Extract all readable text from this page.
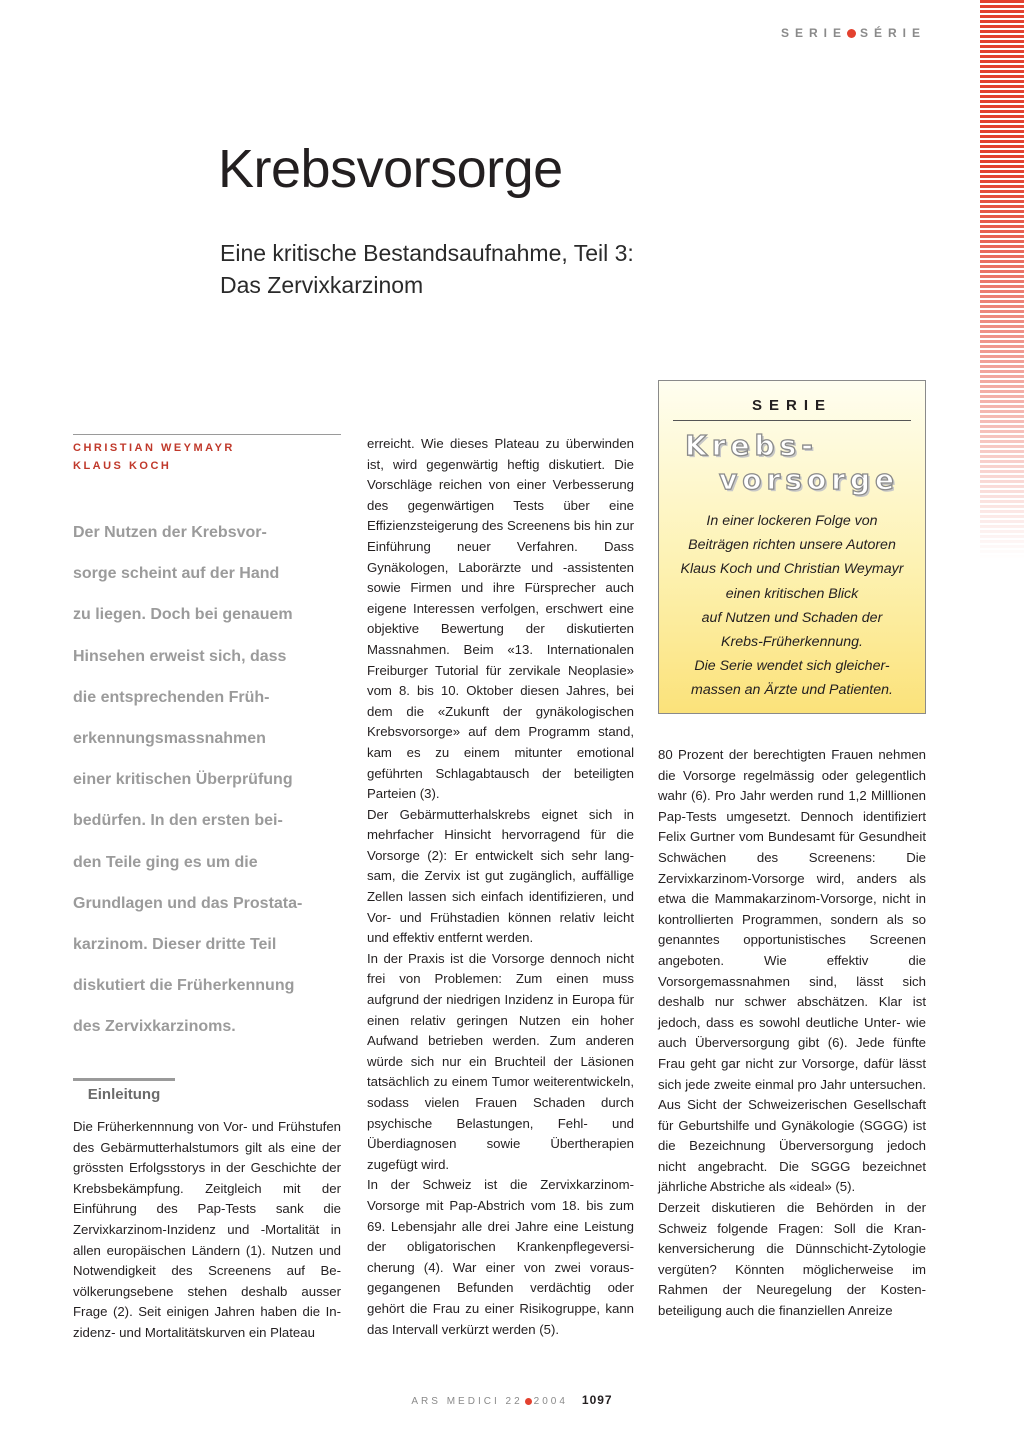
SERIE SÉRIE
Krebsvorsorge
Eine kritische Bestandsaufnahme, Teil 3:
Das Zervixkarzinom
CHRISTIAN WEYMAYR
KLAUS KOCH
Der Nutzen der Krebsvor-
sorge scheint auf der Hand
zu liegen. Doch bei genauem
Hinsehen erweist sich, dass
die entsprechenden Früh-
erkennungsmassnahmen
einer kritischen Überprüfung
bedürfen. In den ersten bei-
den Teile ging es um die
Grundlagen und das Prostata-
karzinom. Dieser dritte Teil
diskutiert die Früherkennung
des Zervixkarzinoms.
Einleitung

Die Früherkennnung von Vor- und Frühstufen des Gebärmutterhalstumors gilt als eine der grössten Erfolgsstorys in der Geschichte der Krebsbekämpfung. Zeitgleich mit der Einführung des Pap-Tests sank die Zervixkarzinom-Inzidenz und -Mortalität in allen europäischen Ländern (1). Nutzen und Notwendigkeit des Screenens auf Bevölkerungsebene stehen deshalb ausser Frage (2). Seit einigen Jahren haben die Inzidenz- und Mortalitätskurven ein Plateau

erreicht. Wie dieses Plateau zu überwinden ist, wird gegenwärtig heftig diskutiert. Die Vorschläge reichen von einer Verbesserung des gegenwärtigen Tests über eine Effizienzsteigerung des Screenens bis hin zur Einführung neuer Verfahren. Dass Gynäkologen, Laborärzte und -assistenten sowie Firmen und ihre Fürsprecher auch eigene Interessen verfolgen, erschwert eine objektive Bewertung der diskutierten Massnahmen. Beim «13. Internationalen Freiburger Tutorial für zervikale Neoplasie» vom 8. bis 10. Oktober diesen Jahres, bei dem die «Zukunft der gynäkologischen Krebsvorsorge» auf dem Programm stand, kam es zu einem mitunter emotional geführten Schlagabtausch der beteiligten Parteien (3).

Der Gebärmutterhalskrebs eignet sich in mehrfacher Hinsicht hervorragend für die Vorsorge (2): Er entwickelt sich sehr langsam, die Zervix ist gut zugänglich, auffällige Zellen lassen sich einfach identifizieren, und Vor- und Frühstadien können relativ leicht und effektiv entfernt werden.

In der Praxis ist die Vorsorge dennoch nicht frei von Problemen: Zum einen muss aufgrund der niedrigen Inzidenz in Europa für einen relativ geringen Nutzen ein hoher Aufwand betrieben werden. Zum anderen würde sich nur ein Bruchteil der Läsionen tatsächlich zu einem Tumor weiterentwickeln, sodass vielen Frauen Schaden durch psychische Belastungen, Fehl- und Überdiagnosen sowie Übertherapien zugefügt wird.

In der Schweiz ist die Zervixkarzinom-Vorsorge mit Pap-Abstrich vom 18. bis zum 69. Lebensjahr alle drei Jahre eine Leistung der obligatorischen Krankenpflegeversicherung (4). War einer von zwei vorausgegangenen Befunden verdächtig oder gehört die Frau zu einer Risikogruppe, kann das Intervall verkürzt werden (5).

SERIE
Krebs-
vorsorge
In einer lockeren Folge von
Beiträgen richten unsere Autoren
Klaus Koch und Christian Weymayr
einen kritischen Blick
auf Nutzen und Schaden der
Krebs-Früherkennung.
Die Serie wendet sich gleicher-
massen an Ärzte und Patienten.

80 Prozent der berechtigten Frauen nehmen die Vorsorge regelmässig oder gelegentlich wahr (6). Pro Jahr werden rund 1,2 Milllionen Pap-Tests umgesetzt. Dennoch identifiziert Felix Gurtner vom Bundesamt für Gesundheit Schwächen des Screenens: Die Zervixkarzinom-Vorsorge wird, anders als etwa die Mammakarzinom-Vorsorge, nicht in kontrollierten Programmen, sondern als so genanntes opportunistisches Screenen angeboten. Wie effektiv die Vorsorgemassnahmen sind, lässt sich deshalb nur schwer abschätzen. Klar ist jedoch, dass es sowohl deutliche Unter- wie auch Überversorgung gibt (6). Jede fünfte Frau geht gar nicht zur Vorsorge, dafür lässt sich jede zweite einmal pro Jahr untersuchen. Aus Sicht der Schweizerischen Gesellschaft für Geburtshilfe und Gynäkologie (SGGG) ist die Bezeichnung Überversorgung jedoch nicht angebracht. Die SGGG bezeichnet jährliche Abstriche als «ideal» (5).

Derzeit diskutieren die Behörden in der Schweiz folgende Fragen: Soll die Krankenversicherung die Dünnschicht-Zytologie vergüten? Könnten möglicherweise im Rahmen der Neuregelung der Kostenbeteiligung auch die finanziellen Anreize

ARS MEDICI 22 2004 1097
